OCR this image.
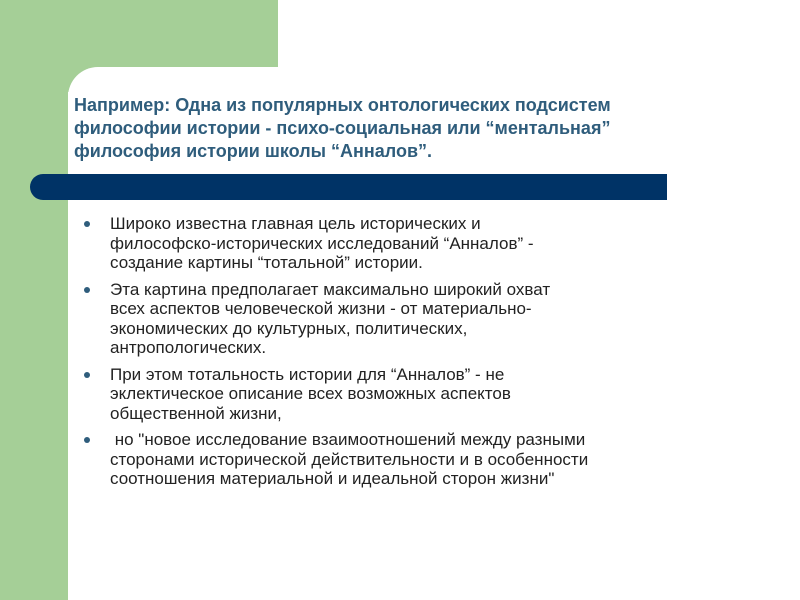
Например: Одна из популярных онтологических подсистем
философии истории - психо-социальная или “ментальная”
философия истории школы “Анналов”.
Широко известна главная цель исторических и
философско-исторических исследований “Анналов” -
создание картины “тотальной” истории.
Эта картина предполагает максимально широкий охват
всех аспектов человеческой жизни - от материально-
экономических до культурных, политических,
антропологических.
При этом тотальность истории для “Анналов” - не
эклектическое описание всех возможных аспектов
общественной жизни,
но "новое исследование взаимоотношений между разными
сторонами исторической действительности и в особенности
соотношения материальной и идеальной сторон жизни"
